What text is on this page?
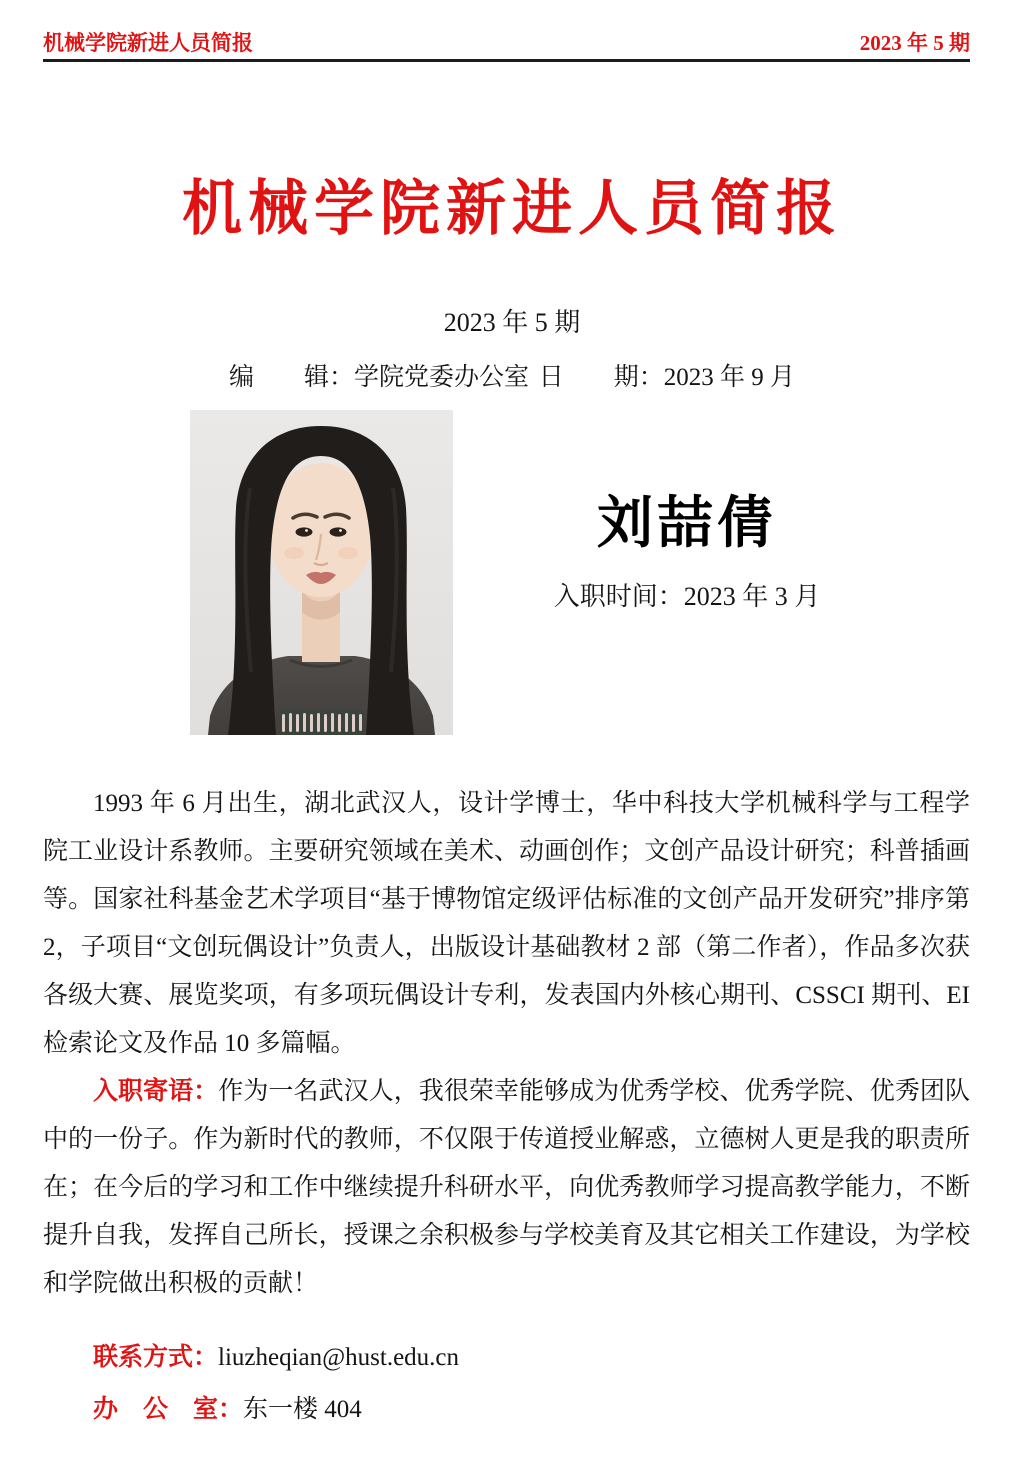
机械学院新进人员简报	2023 年 5 期
机械学院新进人员简报
2023 年 5 期
编　　辑：学院党委办公室 日　　期：2023 年 9 月
刘喆倩
入职时间：2023 年 3 月

1993 年 6 月出生，湖北武汉人，设计学博士，华中科技大学机械科学与工程学院工业设计系教师。主要研究领域在美术、动画创作；文创产品设计研究；科普插画等。国家社科基金艺术学项目“基于博物馆定级评估标准的文创产品开发研究”排序第 2，子项目“文创玩偶设计”负责人，出版设计基础教材 2 部（第二作者），作品多次获各级大赛、展览奖项，有多项玩偶设计专利，发表国内外核心期刊、CSSCI 期刊、EI 检索论文及作品 10 多篇幅。

入职寄语：作为一名武汉人，我很荣幸能够成为优秀学校、优秀学院、优秀团队中的一份子。作为新时代的教师，不仅限于传道授业解惑，立德树人更是我的职责所在；在今后的学习和工作中继续提升科研水平，向优秀教师学习提高教学能力，不断提升自我，发挥自己所长，授课之余积极参与学校美育及其它相关工作建设，为学校和学院做出积极的贡献！

联系方式：liuzheqian@hust.edu.cn
办　公　室：东一楼 404
